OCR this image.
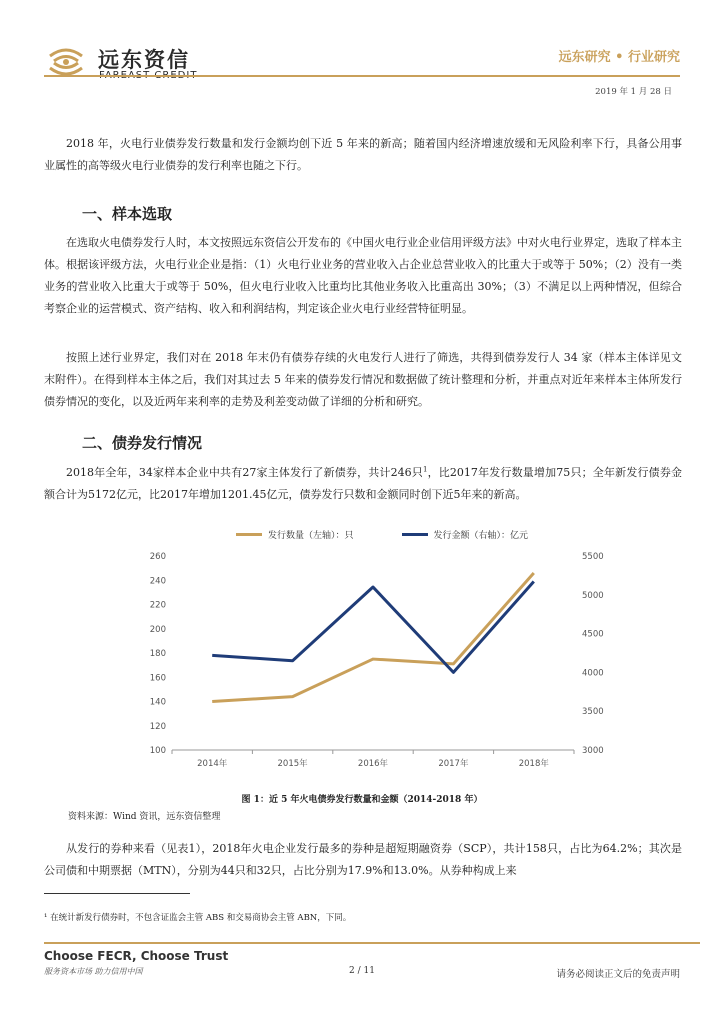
远东资信	远东研究 • 行业研究
2019 年 1 月 28 日

2018 年，火电行业债券发行数量和发行金额均创下近 5 年来的新高；随着国内经济增速放缓和无风险利率下行，具备公用事业属性的高等级火电行业债券的发行利率也随之下行。

一、样本选取

在选取火电债券发行人时，本文按照远东资信公开发布的《中国火电行业企业信用评级方法》中对火电行业界定，选取了样本主体。根据该评级方法，火电行业企业是指：（1）火电行业业务的营业收入占企业总营业收入的比重大于或等于 50%；（2）没有一类业务的营业收入比重大于或等于 50%，但火电行业收入比重均比其他业务收入比重高出 30%；（3）不满足以上两种情况，但综合考察企业的运营模式、资产结构、收入和利润结构，判定该企业火电行业经营特征明显。

按照上述行业界定，我们对在 2018 年末仍有债券存续的火电发行人进行了筛选，共得到债券发行人 34 家（样本主体详见文末附件）。在得到样本主体之后，我们对其过去 5 年来的债券发行情况和数据做了统计整理和分析，并重点对近年来样本主体所发行债券情况的变化，以及近两年来利率的走势及利差变动做了详细的分析和研究。

二、债券发行情况

2018年全年，34家样本企业中共有27家主体发行了新债券，共计246只$^1$，比2017年发行数量增加75只；全年新发行债券金额合计为5172亿元，比2017年增加1201.45亿元，债券发行只数和金额同时创下近5年来的新高。

发行数量（左轴）：只	发行金额（右轴）：亿元
100
120
140
160
180
200
220
240
260
3000
3500
4000
4500
5000
5500
2014年	2015年	2016年	2017年	2018年
图 1：近 5 年火电债券发行数量和金额（2014-2018 年）
资料来源：Wind 资讯，远东资信整理

从发行的券种来看（见表1），2018年火电企业发行最多的券种是超短期融资券（SCP），共计158只，占比为64.2%；其次是公司债和中期票据（MTN），分别为44只和32只，占比分别为17.9%和13.0%。从券种构成上来

¹ 在统计新发行债券时，不包含证监会主管 ABS 和交易商协会主管 ABN，下同。
Choose FECR, Choose Trust
服务资本市场 助力信用中国	2 / 11	请务必阅读正文后的免责声明
